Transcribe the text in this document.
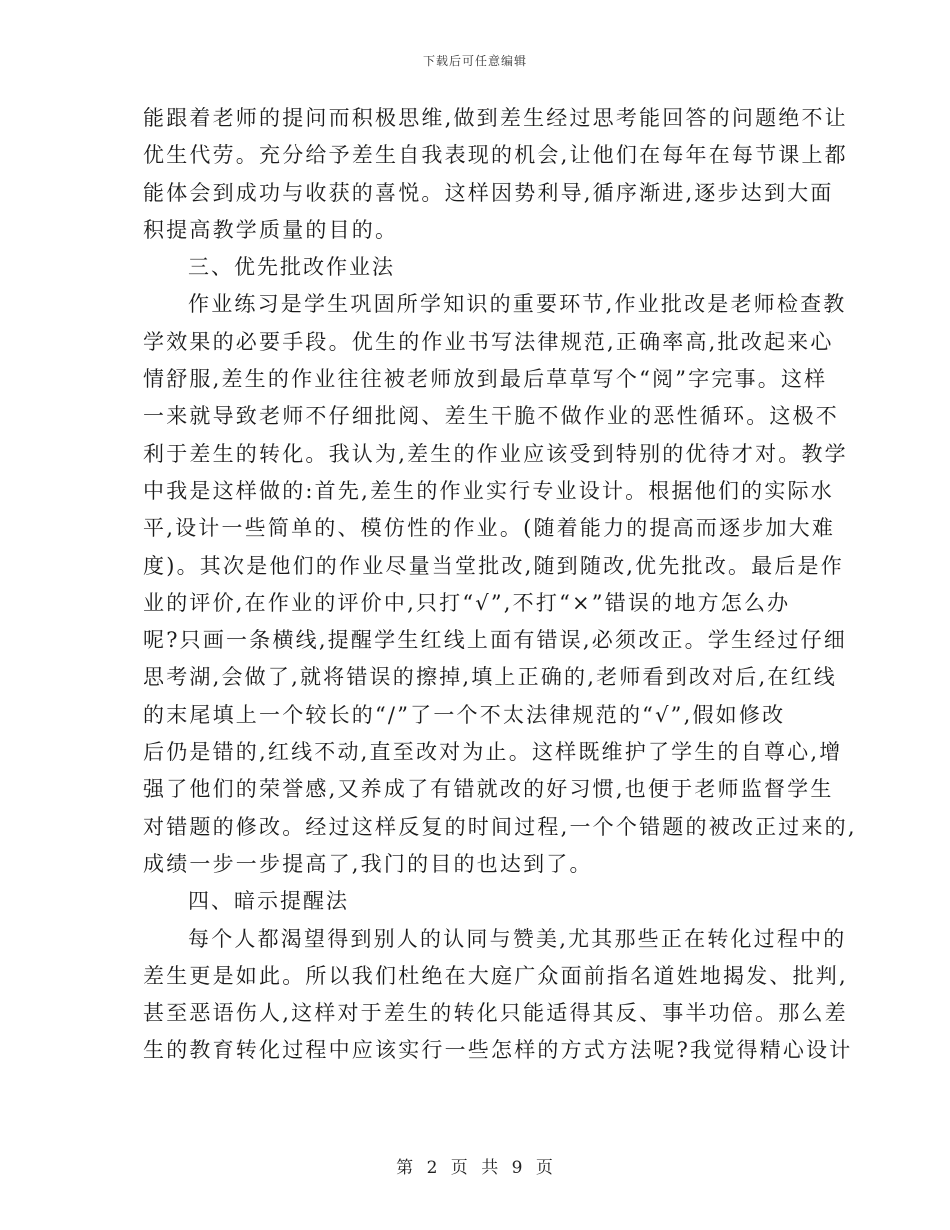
下载后可任意编辑
能跟着老师的提问而积极思维,做到差生经过思考能回答的问题绝不让
优生代劳。充分给予差生自我表现的机会,让他们在每年在每节课上都
能体会到成功与收获的喜悦。这样因势利导,循序渐进,逐步达到大面
积提高教学质量的目的。
三、优先批改作业法
作业练习是学生巩固所学知识的重要环节,作业批改是老师检查教
学效果的必要手段。优生的作业书写法律规范,正确率高,批改起来心
情舒服,差生的作业往往被老师放到最后草草写个“阅”字完事。这样
一来就导致老师不仔细批阅、差生干脆不做作业的恶性循环。这极不
利于差生的转化。我认为,差生的作业应该受到特别的优待才对。教学
中我是这样做的:首先,差生的作业实行专业设计。根据他们的实际水
平,设计一些简单的、模仿性的作业。(随着能力的提高而逐步加大难
度)。其次是他们的作业尽量当堂批改,随到随改,优先批改。最后是作
业的评价,在作业的评价中,只打“√”,不打“×”错误的地方怎么办
呢?只画一条横线,提醒学生红线上面有错误,必须改正。学生经过仔细
思考湖,会做了,就将错误的擦掉,填上正确的,老师看到改对后,在红线
的末尾填上一个较长的“/”了一个不太法律规范的“√”,假如修改
后仍是错的,红线不动,直至改对为止。这样既维护了学生的自尊心,增
强了他们的荣誉感,又养成了有错就改的好习惯,也便于老师监督学生
对错题的修改。经过这样反复的时间过程,一个个错题的被改正过来的,
成绩一步一步提高了,我门的目的也达到了。
四、暗示提醒法
每个人都渴望得到别人的认同与赞美,尤其那些正在转化过程中的
差生更是如此。所以我们杜绝在大庭广众面前指名道姓地揭发、批判,
甚至恶语伤人,这样对于差生的转化只能适得其反、事半功倍。那么差
生的教育转化过程中应该实行一些怎样的方式方法呢?我觉得精心设计
第 2 页 共 9 页
